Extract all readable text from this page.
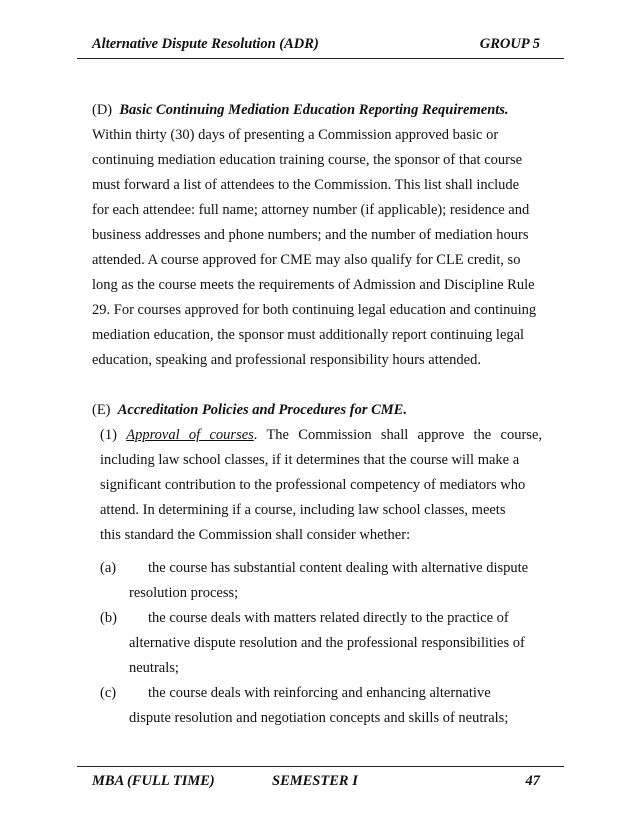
Alternative Dispute Resolution (ADR)	GROUP 5
(D) Basic Continuing Mediation Education Reporting Requirements.
Within thirty (30) days of presenting a Commission approved basic or
continuing mediation education training course, the sponsor of that course
must forward a list of attendees to the Commission. This list shall include
for each attendee: full name; attorney number (if applicable); residence and
business addresses and phone numbers; and the number of mediation hours
attended. A course approved for CME may also qualify for CLE credit, so
long as the course meets the requirements of Admission and Discipline Rule
29. For courses approved for both continuing legal education and continuing
mediation education, the sponsor must additionally report continuing legal
education, speaking and professional responsibility hours attended.
(E) Accreditation Policies and Procedures for CME.
(1) Approval of courses. The Commission shall approve the course,
including law school classes, if it determines that the course will make a
significant contribution to the professional competency of mediators who
attend. In determining if a course, including law school classes, meets
this standard the Commission shall consider whether:
(a) the course has substantial content dealing with alternative dispute
resolution process;
(b) the course deals with matters related directly to the practice of
alternative dispute resolution and the professional responsibilities of
neutrals;
(c) the course deals with reinforcing and enhancing alternative
dispute resolution and negotiation concepts and skills of neutrals;
MBA (FULL TIME)	SEMESTER I	47
